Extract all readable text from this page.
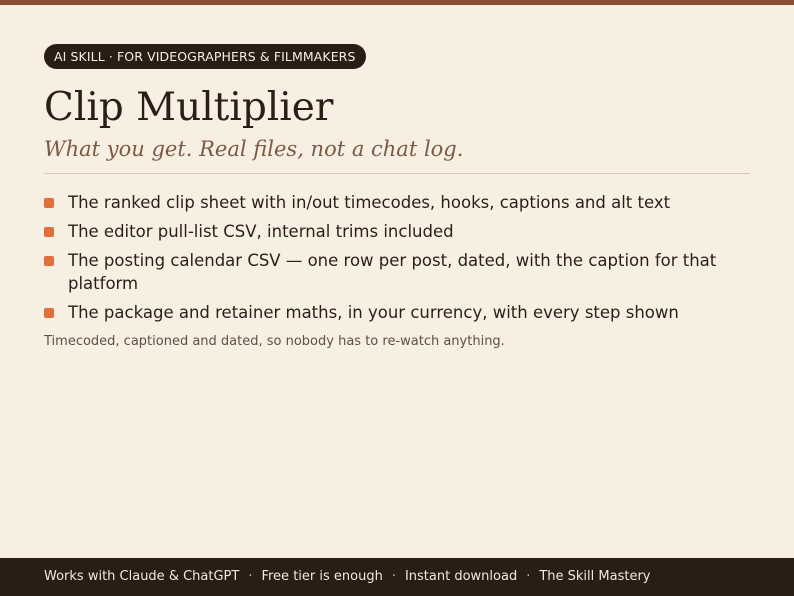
AI SKILL · FOR VIDEOGRAPHERS & FILMMAKERS
Clip Multiplier

What you get. Real files, not a chat log.

The ranked clip sheet with in/out timecodes, hooks, captions and alt text
The editor pull-list CSV, internal trims included
The posting calendar CSV — one row per post, dated, with the caption for that platform
The package and retainer maths, in your currency, with every step shown

Timecoded, captioned and dated, so nobody has to re-watch anything.

Works with Claude & ChatGPT · Free tier is enough · Instant download · The Skill Mastery
